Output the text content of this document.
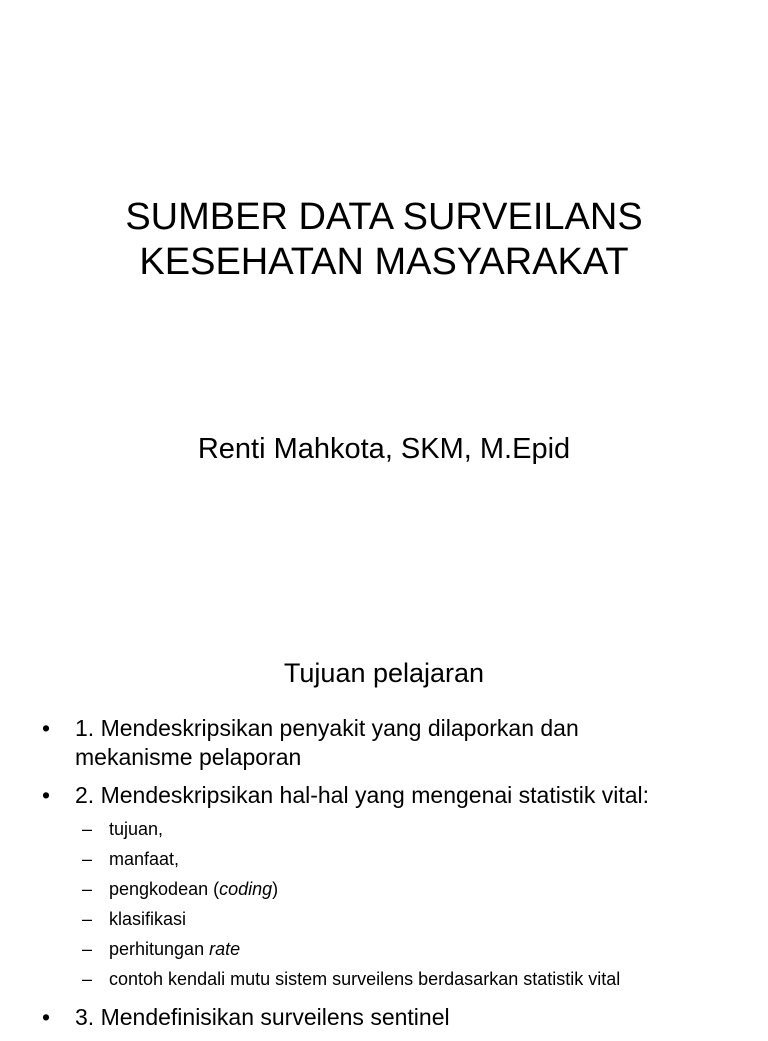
SUMBER DATA SURVEILANS
KESEHATAN MASYARAKAT
Renti Mahkota, SKM, M.Epid
Tujuan pelajaran
• 1. Mendeskripsikan penyakit yang dilaporkan dan
mekanisme pelaporan
• 2. Mendeskripsikan hal-hal yang mengenai statistik vital:
– tujuan,
– manfaat,
– pengkodean (coding)
– klasifikasi
– perhitungan rate
– contoh kendali mutu sistem surveilens berdasarkan statistik vital
• 3. Mendefinisikan surveilens sentinel
